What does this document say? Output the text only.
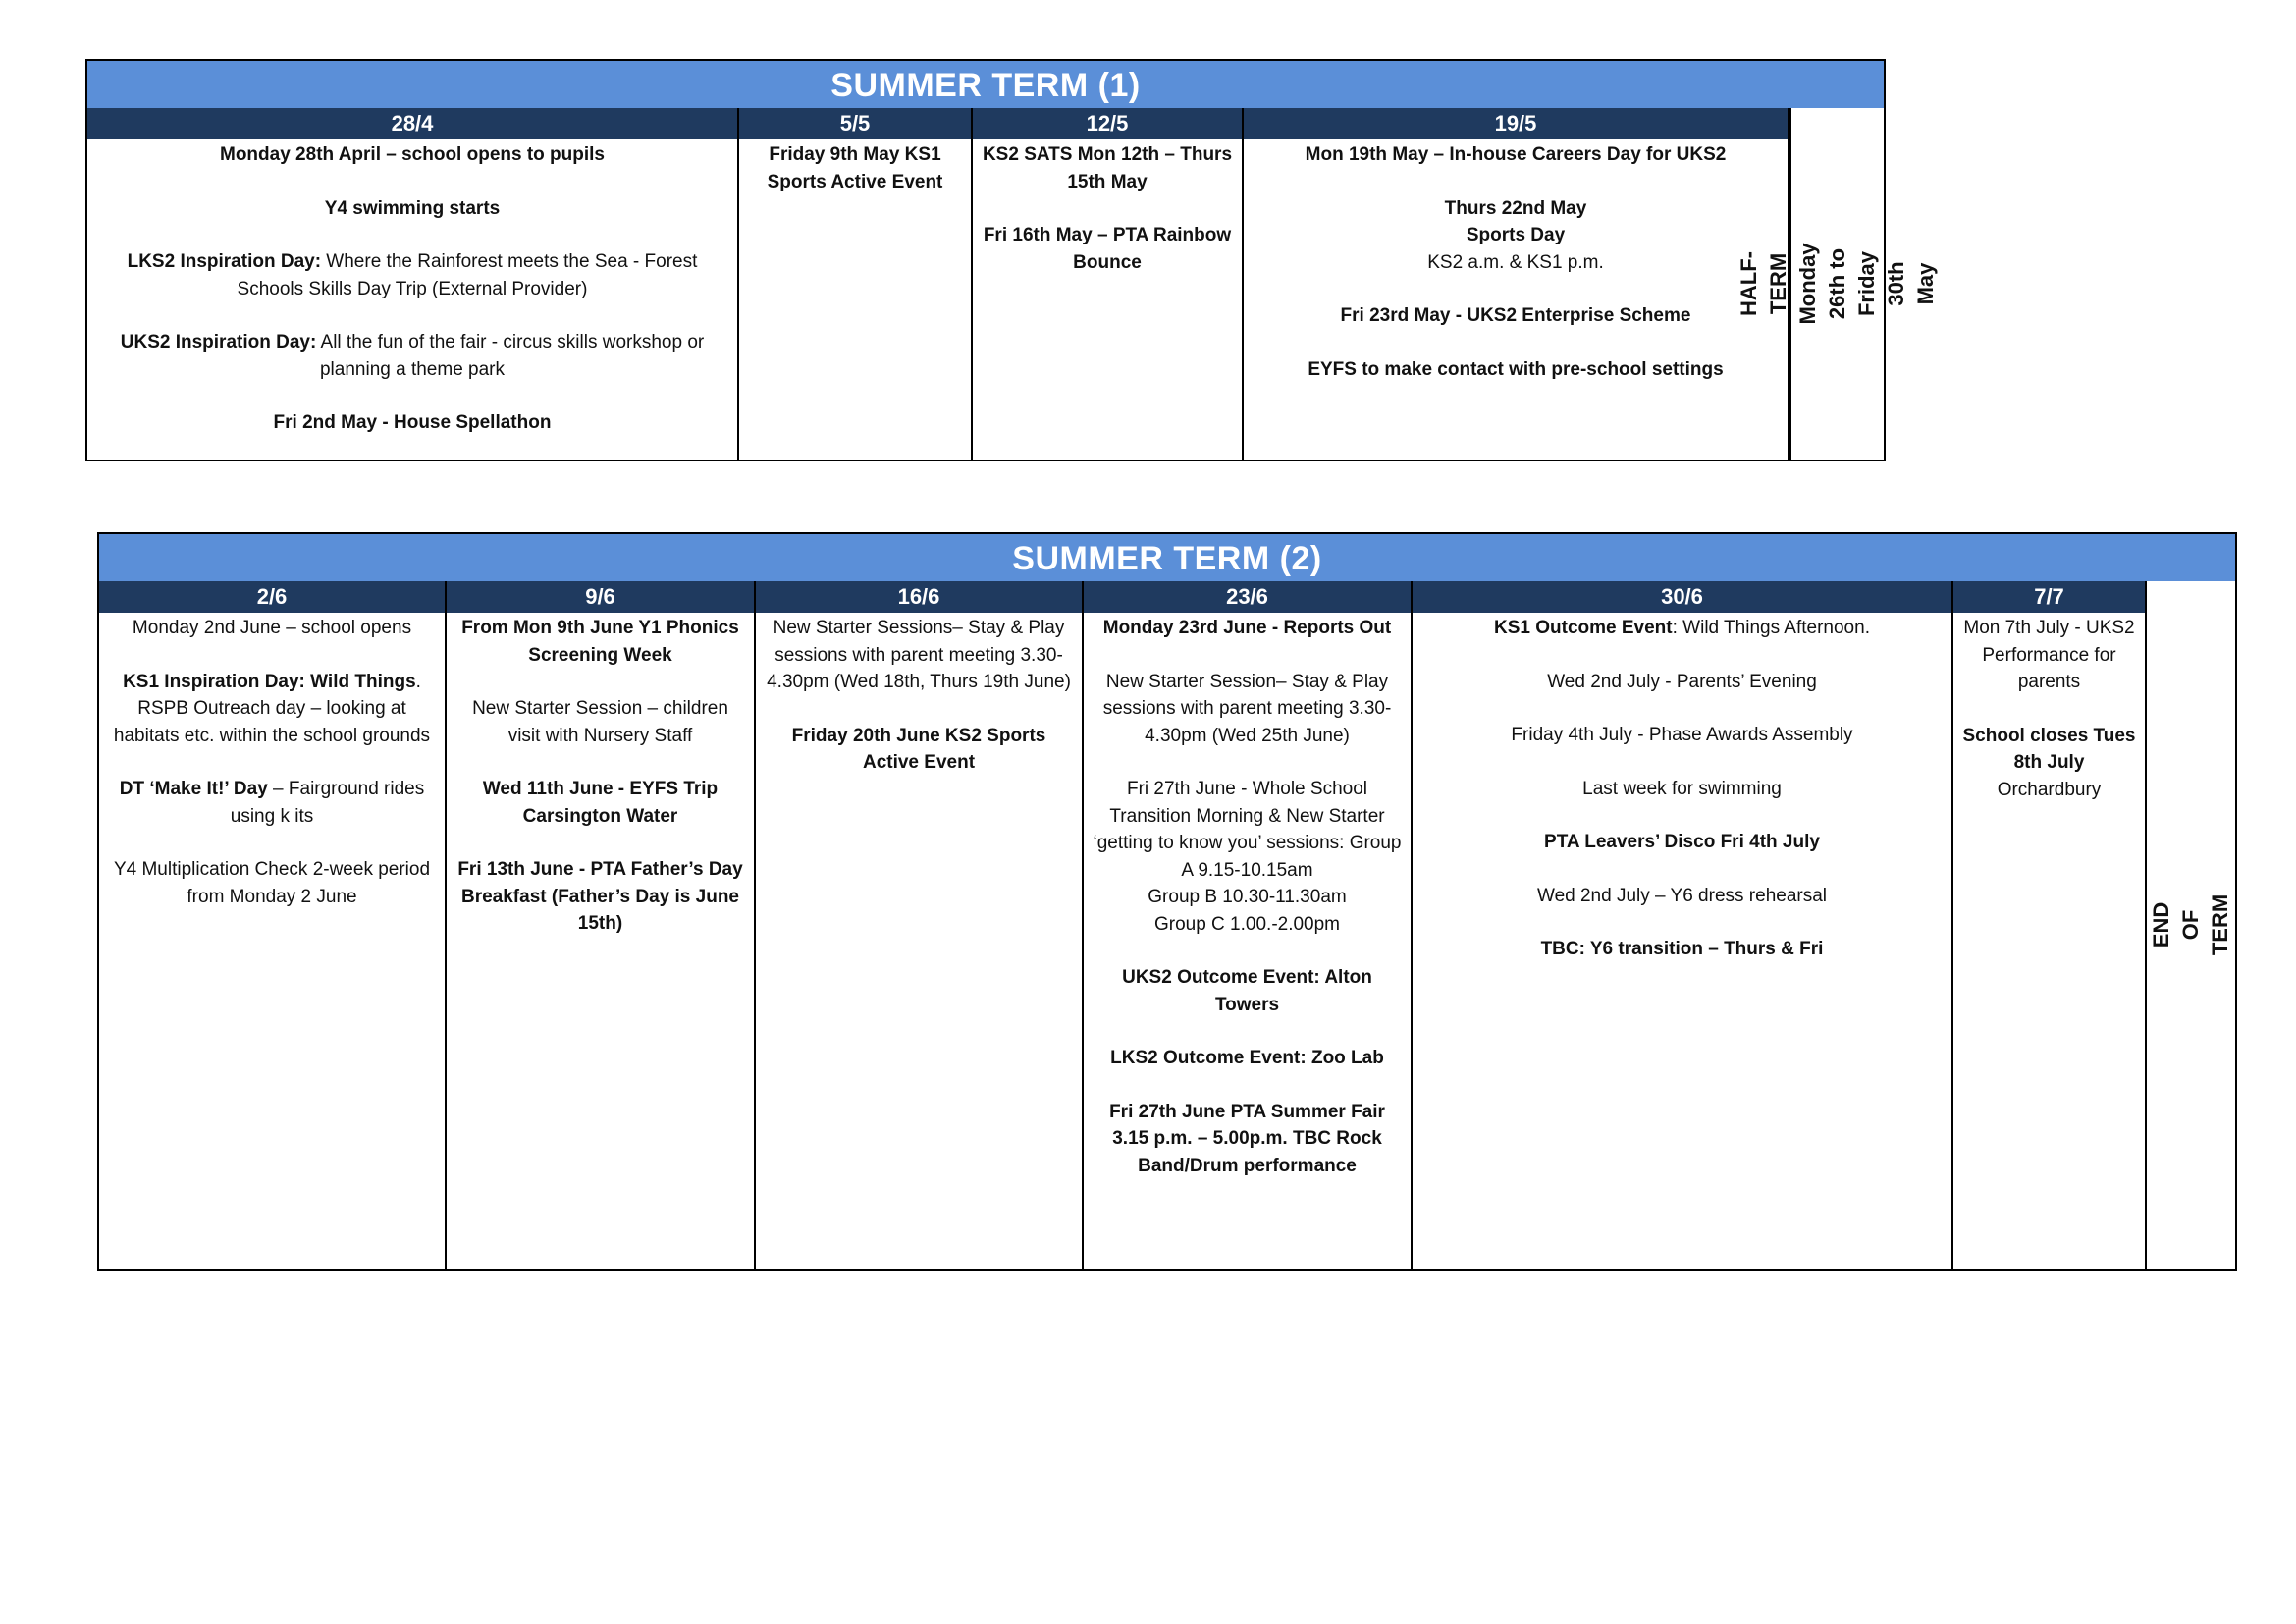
SUMMER TERM (1)
28/4

Monday 28th April – school opens to pupils

Y4 swimming starts

LKS2 Inspiration Day: Where the Rainforest meets the Sea - Forest Schools Skills Day Trip (External Provider)

UKS2 Inspiration Day: All the fun of the fair - circus skills workshop or planning a theme park

Fri 2nd May - House Spellathon

5/5

Friday 9th May KS1 Sports Active Event

12/5

KS2 SATS Mon 12th – Thurs 15th May

Fri 16th May – PTA Rainbow Bounce

19/5

Mon 19th May – In-house Careers Day for UKS2

Thurs 22nd May
Sports Day
KS2 a.m. & KS1 p.m.

Fri 23rd May - UKS2 Enterprise Scheme

EYFS to make contact with pre-school settings

HALF-TERM Monday 26th to
Friday 30th May
SUMMER TERM (2)
2/6

Monday 2nd June – school opens

KS1 Inspiration Day: Wild Things. RSPB Outreach day – looking at habitats etc. within the school grounds

DT ‘Make It!’ Day – Fairground rides using k its

Y4 Multiplication Check 2-week period from Monday 2 June

9/6

From Mon 9th June Y1 Phonics Screening Week

New Starter Session – children visit with Nursery Staff

Wed 11th June - EYFS Trip Carsington Water

Fri 13th June - PTA Father’s Day Breakfast (Father’s Day is June 15th)

16/6

New Starter Sessions– Stay & Play sessions with parent meeting 3.30-4.30pm (Wed 18th, Thurs 19th June)

Friday 20th June KS2 Sports Active Event

23/6

Monday 23rd June - Reports Out

New Starter Session– Stay & Play sessions with parent meeting 3.30-4.30pm (Wed 25th June)

Fri 27th June - Whole School Transition Morning & New Starter ‘getting to know you’ sessions: Group A 9.15-10.15am
Group B 10.30-11.30am
Group C 1.00.-2.00pm

UKS2 Outcome Event: Alton Towers

LKS2 Outcome Event: Zoo Lab

Fri 27th June PTA Summer Fair 3.15 p.m. – 5.00p.m. TBC Rock Band/Drum performance

30/6

KS1 Outcome Event: Wild Things Afternoon.

Wed 2nd July - Parents’ Evening

Friday 4th July - Phase Awards Assembly

Last week for swimming

PTA Leavers’ Disco Fri 4th July

Wed 2nd July – Y6 dress rehearsal

TBC: Y6 transition – Thurs & Fri

7/7

Mon 7th July - UKS2 Performance for parents

School closes Tues 8th July
Orchardbury

END OF TERM
